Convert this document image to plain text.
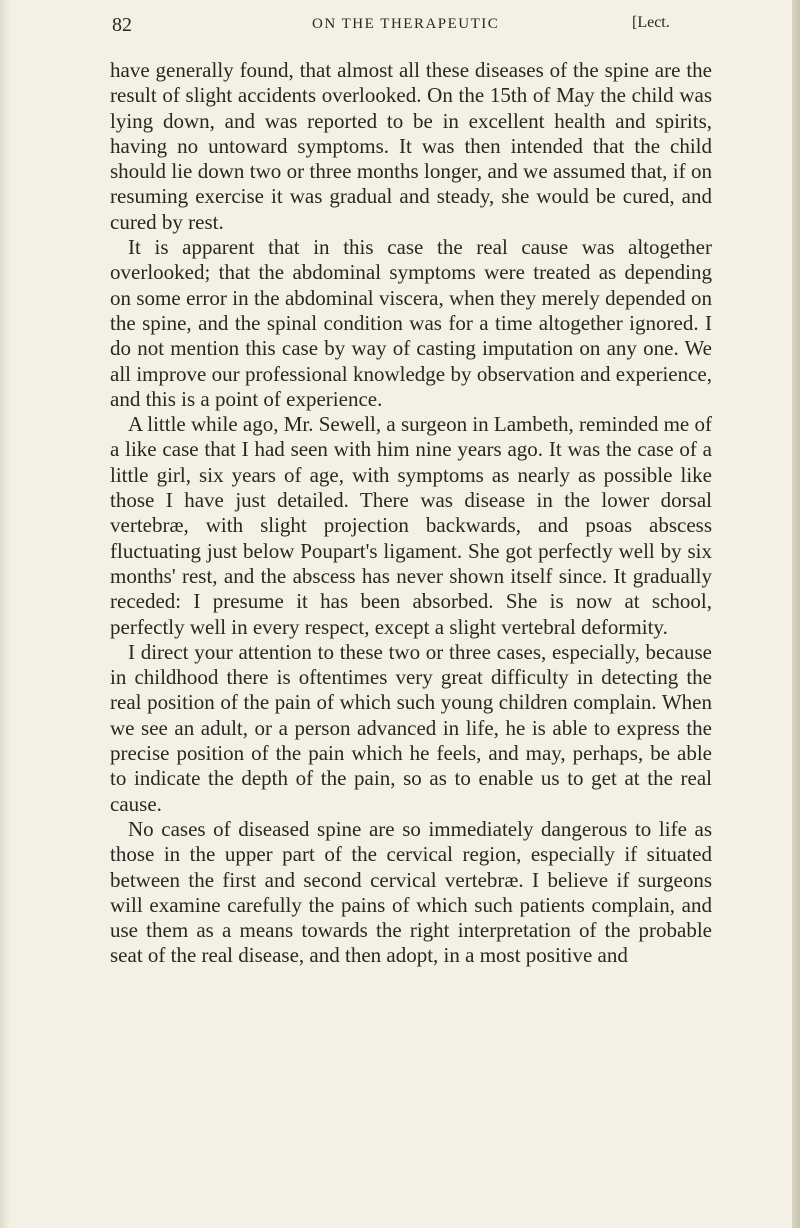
82	ON THE THERAPEUTIC	[Lect.

have generally found, that almost all these diseases of the spine are the result of slight accidents overlooked. On the 15th of May the child was lying down, and was reported to be in excellent health and spirits, having no untoward symptoms. It was then intended that the child should lie down two or three months longer, and we assumed that, if on resuming exercise it was gradual and steady, she would be cured, and cured by rest.

It is apparent that in this case the real cause was altogether overlooked; that the abdominal symptoms were treated as depending on some error in the abdominal viscera, when they merely depended on the spine, and the spinal condition was for a time altogether ignored. I do not mention this case by way of casting imputation on any one. We all improve our professional knowledge by observation and experience, and this is a point of experience.

A little while ago, Mr. Sewell, a surgeon in Lambeth, reminded me of a like case that I had seen with him nine years ago. It was the case of a little girl, six years of age, with symptoms as nearly as possible like those I have just detailed. There was disease in the lower dorsal vertebræ, with slight projection backwards, and psoas abscess fluctuating just below Poupart's ligament. She got perfectly well by six months' rest, and the abscess has never shown itself since. It gradually receded: I presume it has been absorbed. She is now at school, perfectly well in every respect, except a slight vertebral deformity.

I direct your attention to these two or three cases, especially, because in childhood there is oftentimes very great difficulty in detecting the real position of the pain of which such young children complain. When we see an adult, or a person advanced in life, he is able to express the precise position of the pain which he feels, and may, perhaps, be able to indicate the depth of the pain, so as to enable us to get at the real cause.

No cases of diseased spine are so immediately dangerous to life as those in the upper part of the cervical region, especially if situated between the first and second cervical vertebræ. I believe if surgeons will examine carefully the pains of which such patients complain, and use them as a means towards the right interpretation of the probable seat of the real disease, and then adopt, in a most positive and
